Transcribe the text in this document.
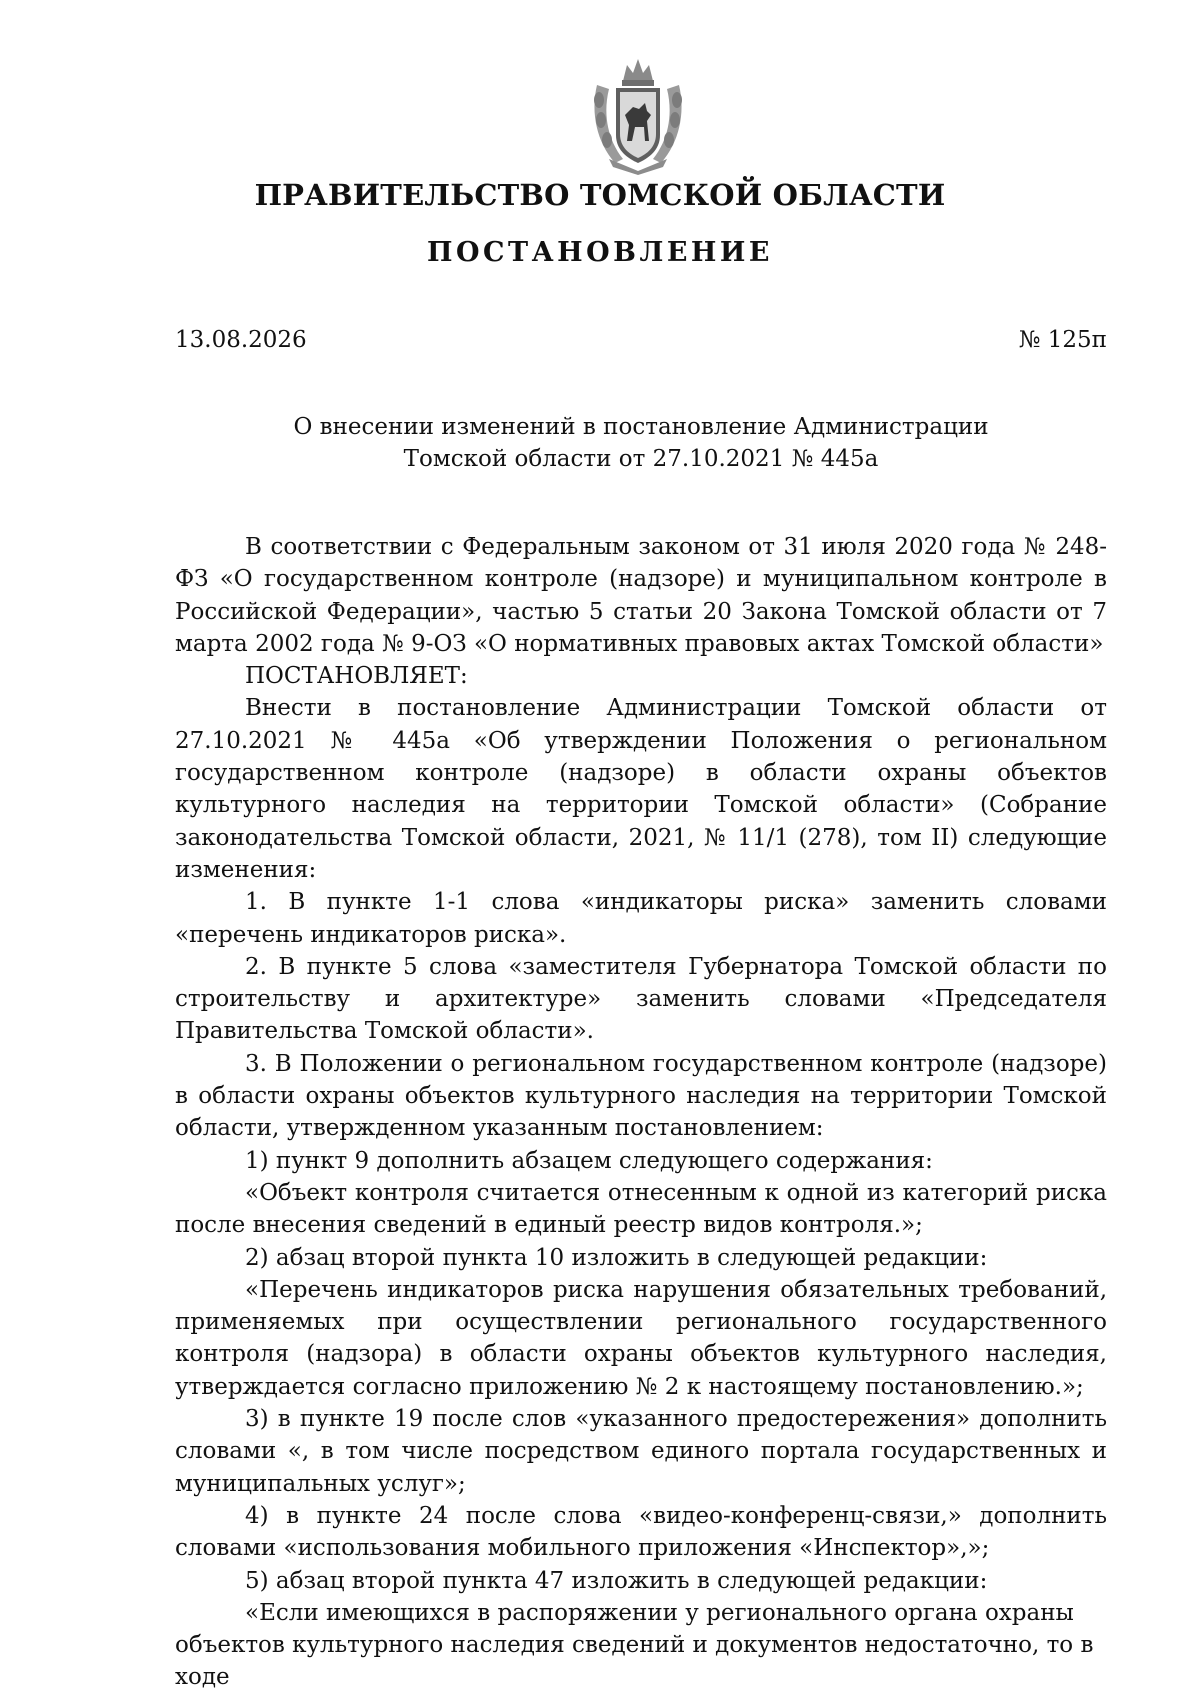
ПРАВИТЕЛЬСТВО ТОМСКОЙ ОБЛАСТИ
ПОСТАНОВЛЕНИЕ
13.08.2026	№ 125п
О внесении изменений в постановление Администрации
Томской области от 27.10.2021 № 445а

В соответствии с Федеральным законом от 31 июля 2020 года № 248-ФЗ «О государственном контроле (надзоре) и муниципальном контроле в Российской Федерации», частью 5 статьи 20 Закона Томской области от 7 марта 2002 года № 9-ОЗ «О нормативных правовых актах Томской области»

ПОСТАНОВЛЯЕТ:

Внести в постановление Администрации Томской области от 27.10.2021 № 445а «Об утверждении Положения о региональном государственном контроле (надзоре) в области охраны объектов культурного наследия на территории Томской области» (Собрание законодательства Томской области, 2021, № 11/1 (278), том II) следующие изменения:

1. В пункте 1-1 слова «индикаторы риска» заменить словами «перечень индикаторов риска».

2. В пункте 5 слова «заместителя Губернатора Томской области по строительству и архитектуре» заменить словами «Председателя Правительства Томской области».

3. В Положении о региональном государственном контроле (надзоре) в области охраны объектов культурного наследия на территории Томской области, утвержденном указанным постановлением:

1) пункт 9 дополнить абзацем следующего содержания:

«Объект контроля считается отнесенным к одной из категорий риска после внесения сведений в единый реестр видов контроля.»;

2) абзац второй пункта 10 изложить в следующей редакции:

«Перечень индикаторов риска нарушения обязательных требований, применяемых при осуществлении регионального государственного контроля (надзора) в области охраны объектов культурного наследия, утверждается согласно приложению № 2 к настоящему постановлению.»;

3) в пункте 19 после слов «указанного предостережения» дополнить словами «, в том числе посредством единого портала государственных и муниципальных услуг»;

4) в пункте 24 после слова «видео-конференц-связи,» дополнить словами «использования мобильного приложения «Инспектор»,»;

5) абзац второй пункта 47 изложить в следующей редакции:

«Если имеющихся в распоряжении у регионального органа охраны объектов культурного наследия сведений и документов недостаточно, то в ходе
